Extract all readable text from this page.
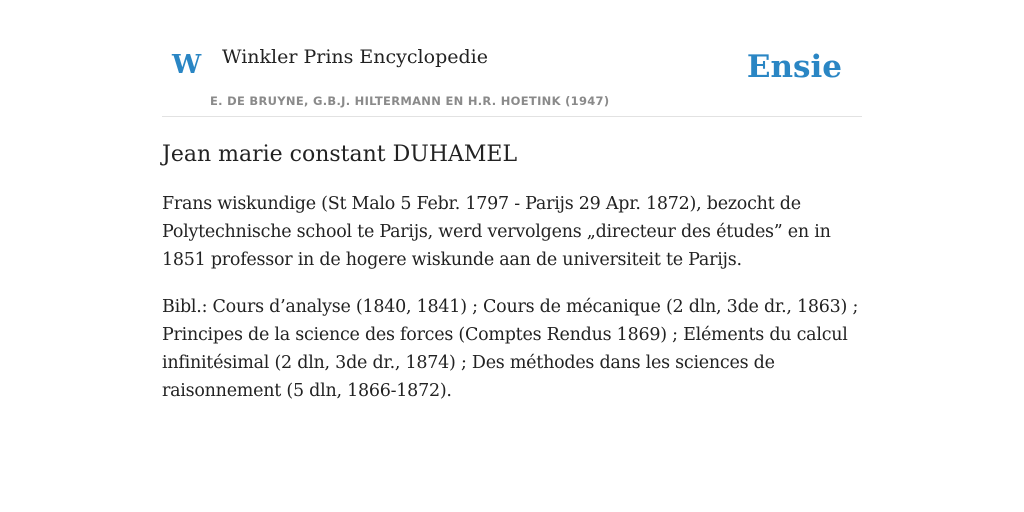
W Winkler Prins Encyclopedie
E. DE BRUYNE, G.B.J. HILTERMANN EN H.R. HOETINK (1947)
Ensie
Jean marie constant DUHAMEL

Frans wiskundige (St Malo 5 Febr. 1797 - Parijs 29 Apr. 1872), bezocht de Polytechnische school te Parijs, werd vervolgens „directeur des études” en in 1851 professor in de hogere wiskunde aan de universiteit te Parijs.

Bibl.: Cours d’analyse (1840, 1841) ; Cours de mécanique (2 dln, 3de dr., 1863) ; Principes de la science des forces (Comptes Rendus 1869) ; Eléments du calcul infinitésimal (2 dln, 3de dr., 1874) ; Des méthodes dans les sciences de raisonnement (5 dln, 1866-1872).
